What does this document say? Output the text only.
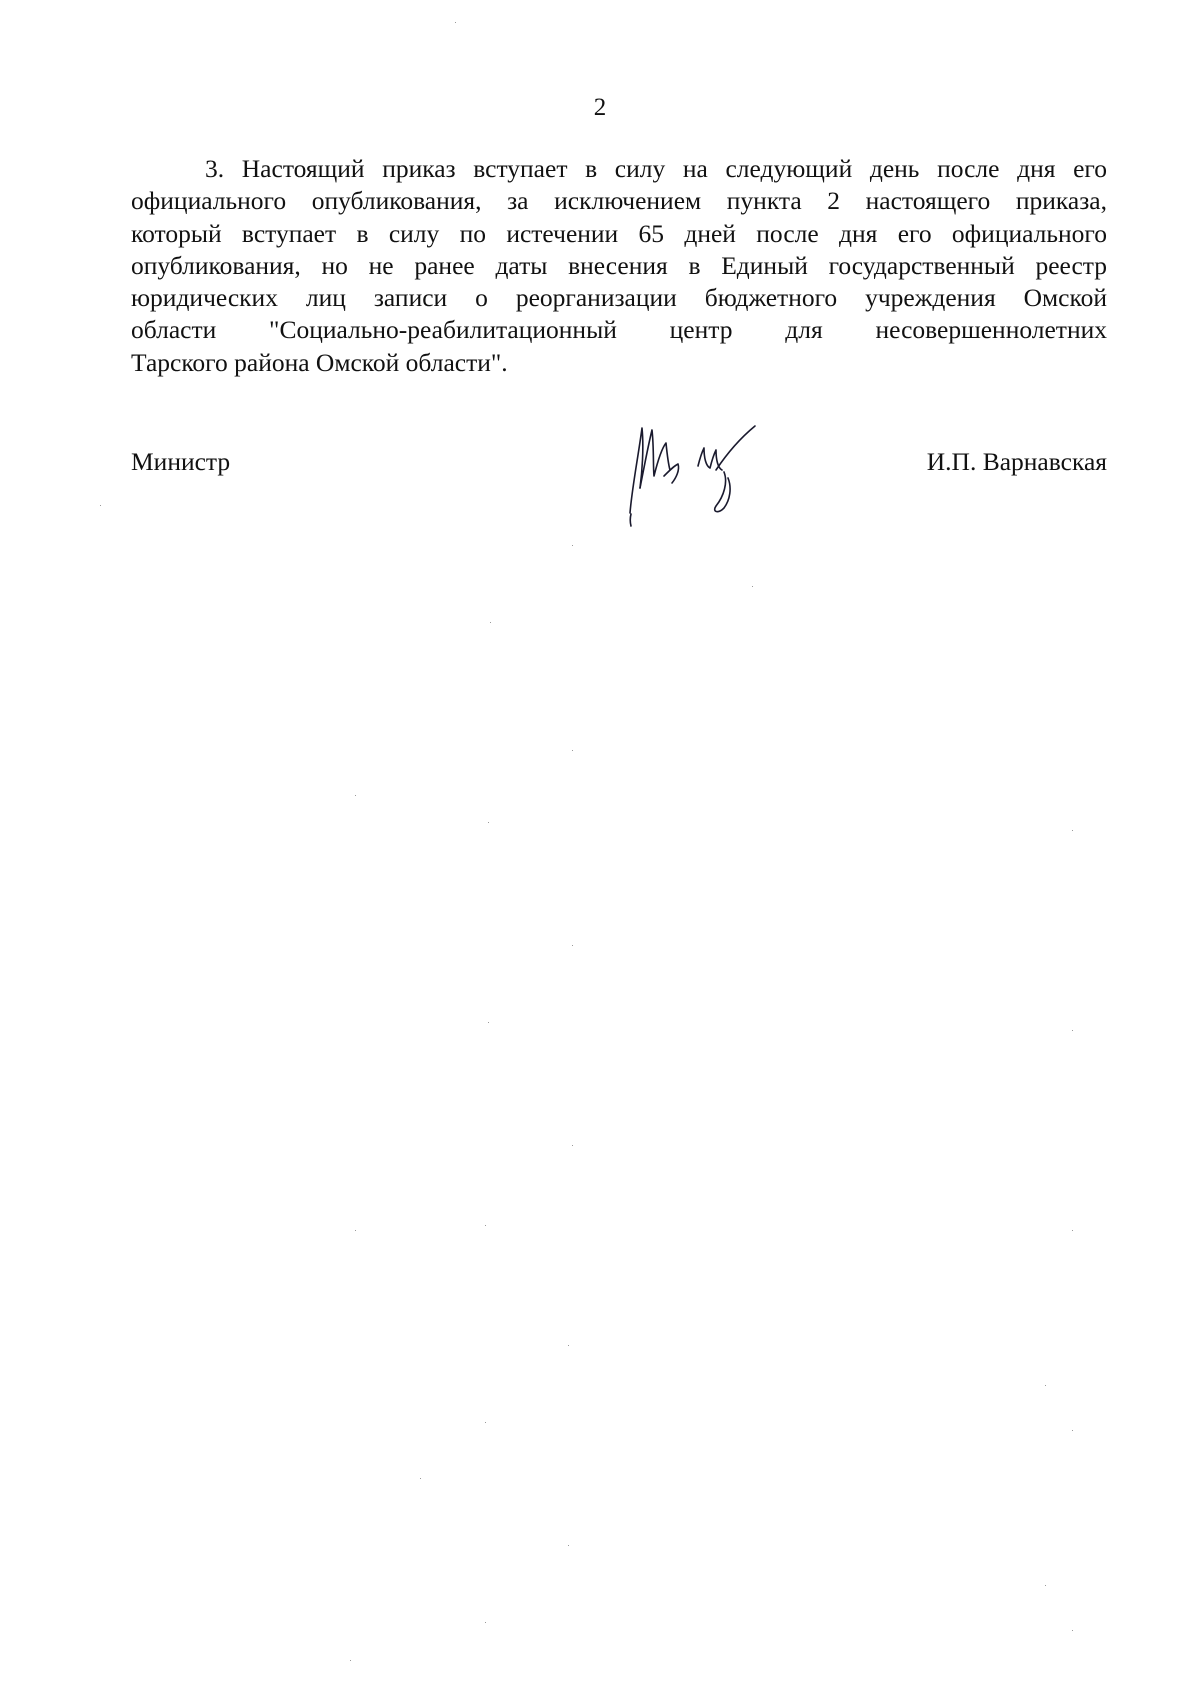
2
3. Настоящий приказ вступает в силу на следующий день после дня его
официального опубликования, за исключением пункта 2 настоящего приказа,
который вступает в силу по истечении 65 дней после дня его официального
опубликования, но не ранее даты внесения в Единый государственный реестр
юридических лиц записи о реорганизации бюджетного учреждения Омской
области "Социально-реабилитационный центр для несовершеннолетних
Тарского района Омской области".
Министр	И.П. Варнавская
